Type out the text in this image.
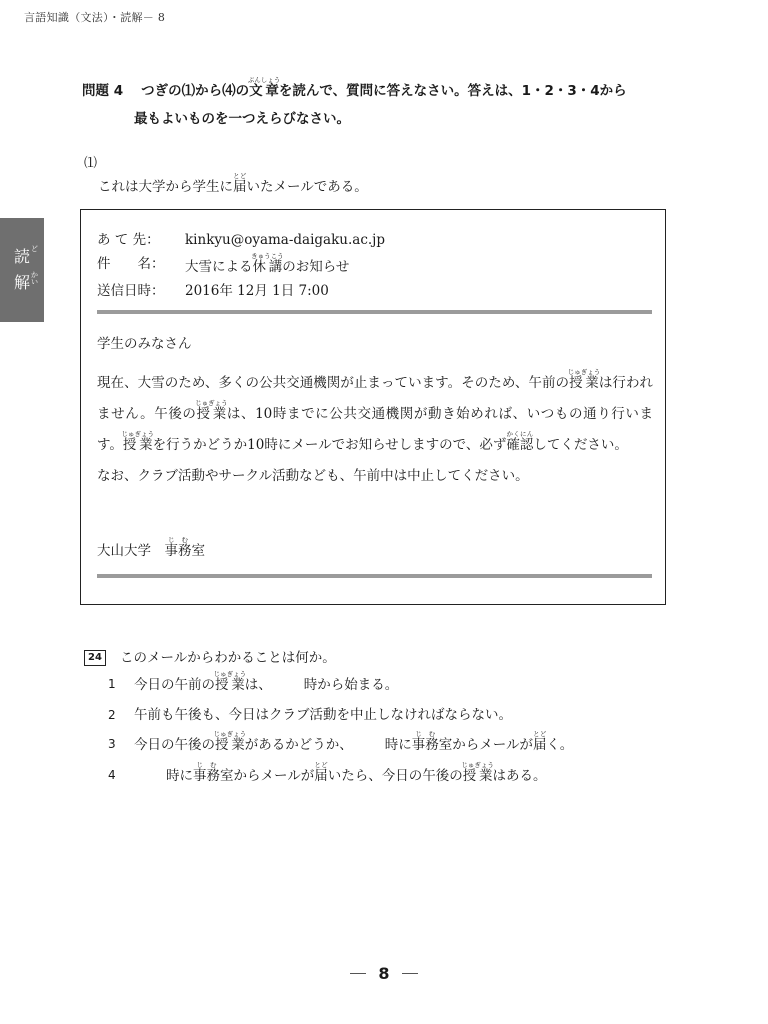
言語知識（文法）・読解－ 8
読 ど
解 かい
問題 4 つぎの⑴から⑷の文章ぶんしょうを読んで、質問に答えなさい。答えは、1・2・3・4から
最もよいものを一つえらびなさい。
⑴
これは大学から学生に届とどいたメールである。
あ て 先：	kinkyu@oyama-daigaku.ac.jp
件　　名：	大雪による休講きゅうこうのお知らせ
送信日時：	2016年 12月 1日 7:00
学生のみなさん
現在、大雪のため、多くの公共交通機関が止まっています。そのため、午前の授業じゅぎょうは行われません。午後の授業じゅぎょうは、10時までに公共交通機関が動き始めれば、いつもの通り行います。授業じゅぎょうを行うかどうか10時にメールでお知らせしますので、必ず確認かくにんしてください。
なお、クラブ活動やサークル活動なども、午前中は中止してください。
大山大学　事務じむ室
24 このメールからわかることは何か。
1	今日の午前の授業じゅぎょうは、 時から始まる。
2	午前も午後も、今日はクラブ活動を中止しなければならない。
3	今日の午後の授業じゅぎょうがあるかどうか、 時に事務じむ室からメールが届とどく。
4	時に事務じむ室からメールが届とどいたら、今日の午後の授業じゅぎょうはある。
8
